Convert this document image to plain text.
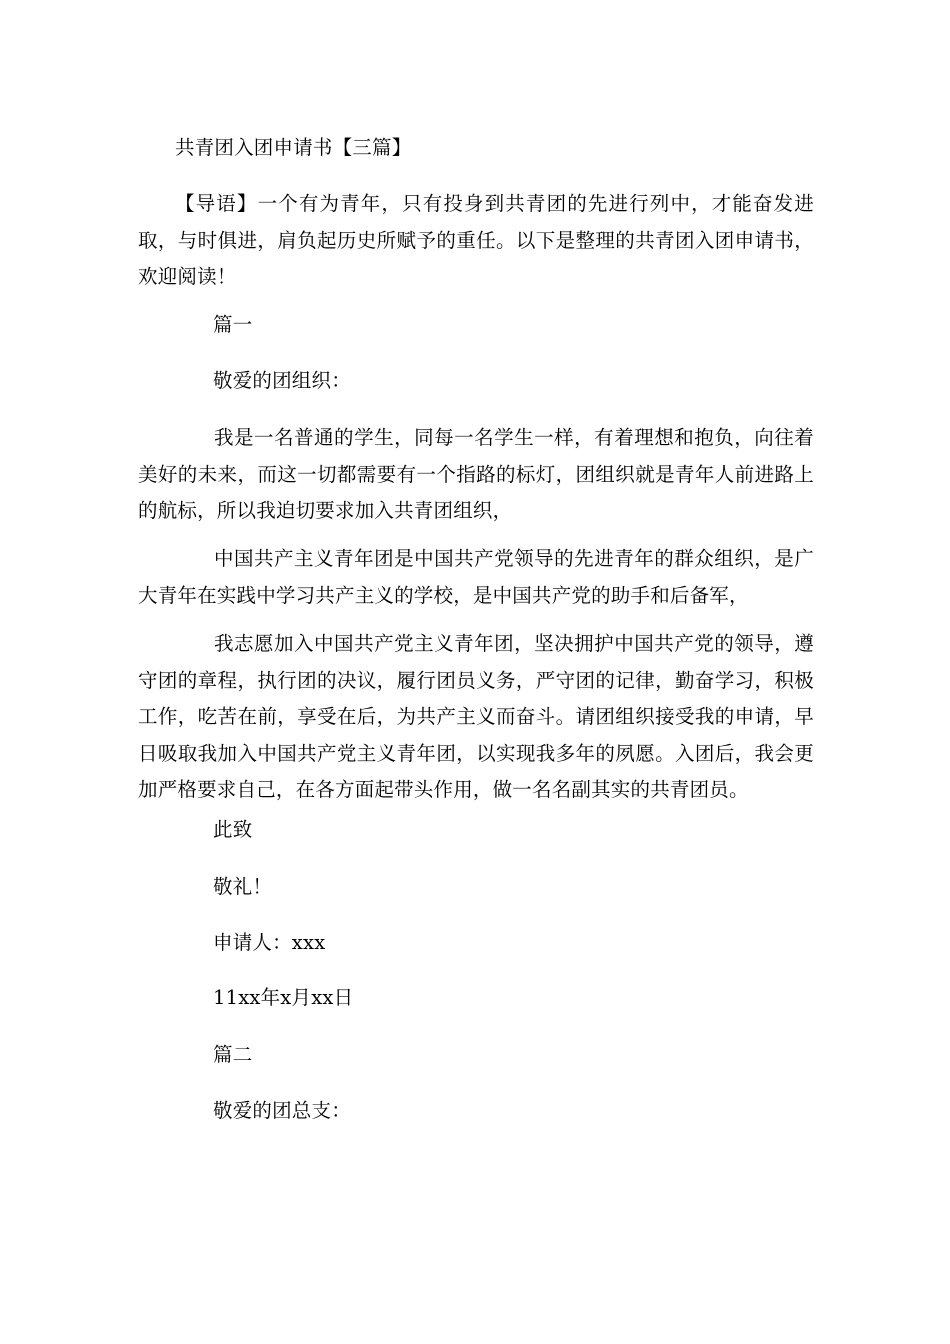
共青团入团申请书【三篇】
【导语】一个有为青年，只有投身到共青团的先进行列中，才能奋发进取，与时俱进，肩负起历史所赋予的重任。以下是整理的共青团入团申请书，欢迎阅读！
篇一
敬爱的团组织：
我是一名普通的学生，同每一名学生一样，有着理想和抱负，向往着美好的未来，而这一切都需要有一个指路的标灯，团组织就是青年人前进路上的航标，所以我迫切要求加入共青团组织，
中国共产主义青年团是中国共产党领导的先进青年的群众组织，是广大青年在实践中学习共产主义的学校，是中国共产党的助手和后备军，
我志愿加入中国共产党主义青年团，坚决拥护中国共产党的领导，遵守团的章程，执行团的决议，履行团员义务，严守团的记律，勤奋学习，积极工作，吃苦在前，享受在后，为共产主义而奋斗。请团组织接受我的申请，早日吸取我加入中国共产党主义青年团，以实现我多年的夙愿。入团后，我会更加严格要求自己，在各方面起带头作用，做一名名副其实的共青团员。
此致
敬礼！
申请人：xxx
11xx年x月xx日
篇二
敬爱的团总支：
